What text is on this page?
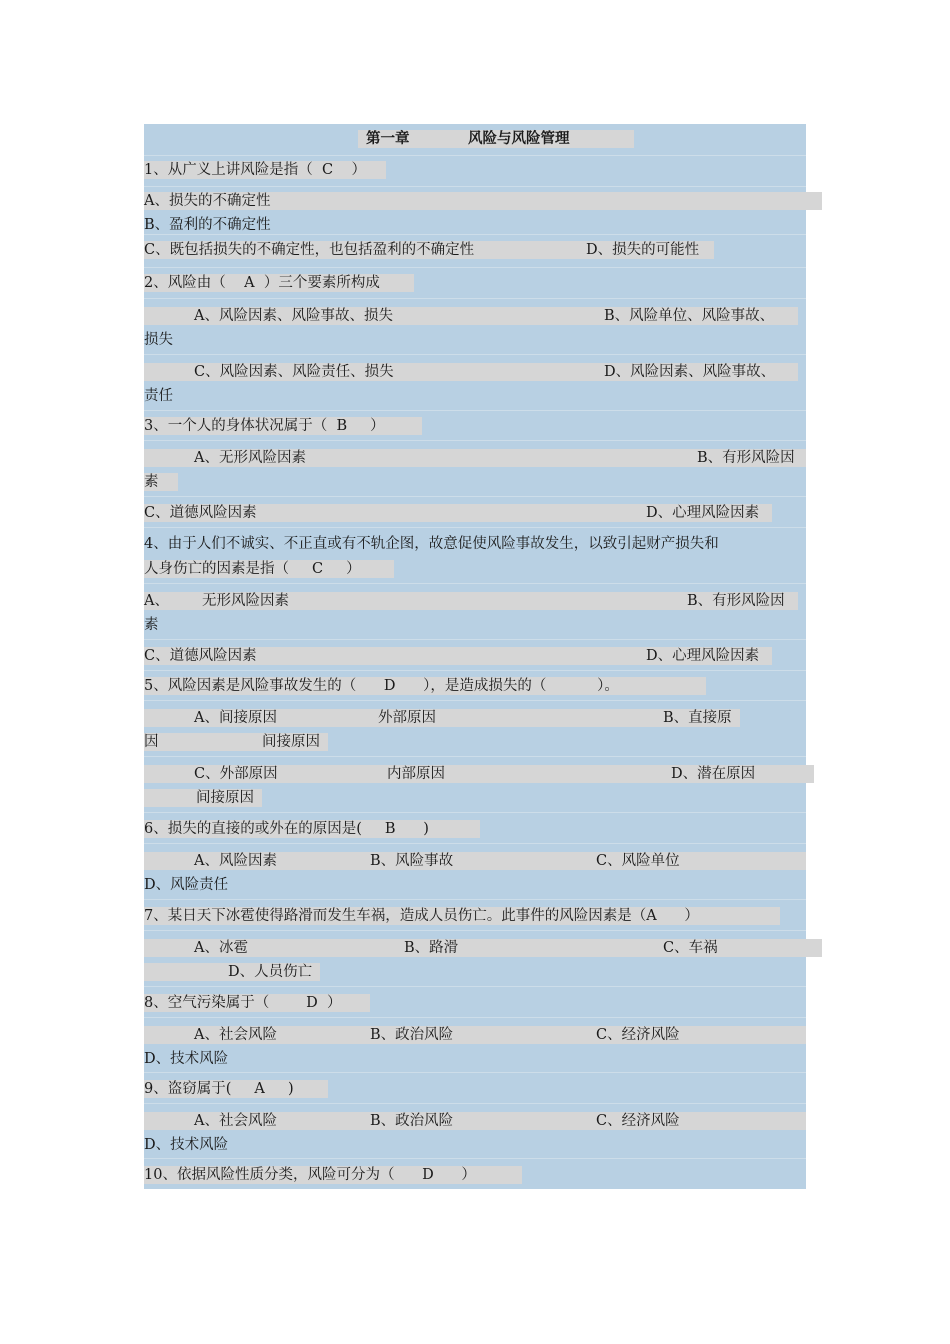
第一章

	风险与风险管理

1、从广义上讲风险是指（  C    ）

A、损失的不确定性

B、盈利的不确定性

C、既包括损失的不确定性，也包括盈利的不确定性

	D、损失的可能性

2、风险由（    A  ）三个要素所构成

A、风险因素、风险事故、损失

	B、风险单位、风险事故、

损失

C、风险因素、风险责任、损失

	D、风险因素、风险事故、

责任

3、一个人的身体状况属于（  B     ）

A、无形风险因素

	B、有形风险因

素

C、道德风险因素

	D、心理风险因素

4、由于人们不诚实、不正直或有不轨企图，故意促使风险事故发生，以致引起财产损失和

人身伤亡的因素是指（     C     ）

A、

无形风险因素

	B、有形风险因

素

C、道德风险因素

	D、心理风险因素

5、风险因素是风险事故发生的（      D      ），是造成损失的（           ）。

A、间接原因

	外部原因

	B、直接原

因

	间接原因

C、外部原因

	内部原因

	D、潜在原因

间接原因

6、损失的直接的或外在的原因是(     B      )

A、风险因素

	B、风险事故

	C、风险单位

D、风险责任

7、某日天下冰雹使得路滑而发生车祸，造成人员伤亡。此事件的风险因素是（A      ）

A、冰雹

	B、路滑

	C、车祸

D、人员伤亡

8、空气污染属于（        D  ）

A、社会风险

	B、政治风险

	C、经济风险

D、技术风险

9、盗窃属于(     A     )

A、社会风险

	B、政治风险

	C、经济风险

D、技术风险

10、依据风险性质分类，风险可分为（      D      ）
